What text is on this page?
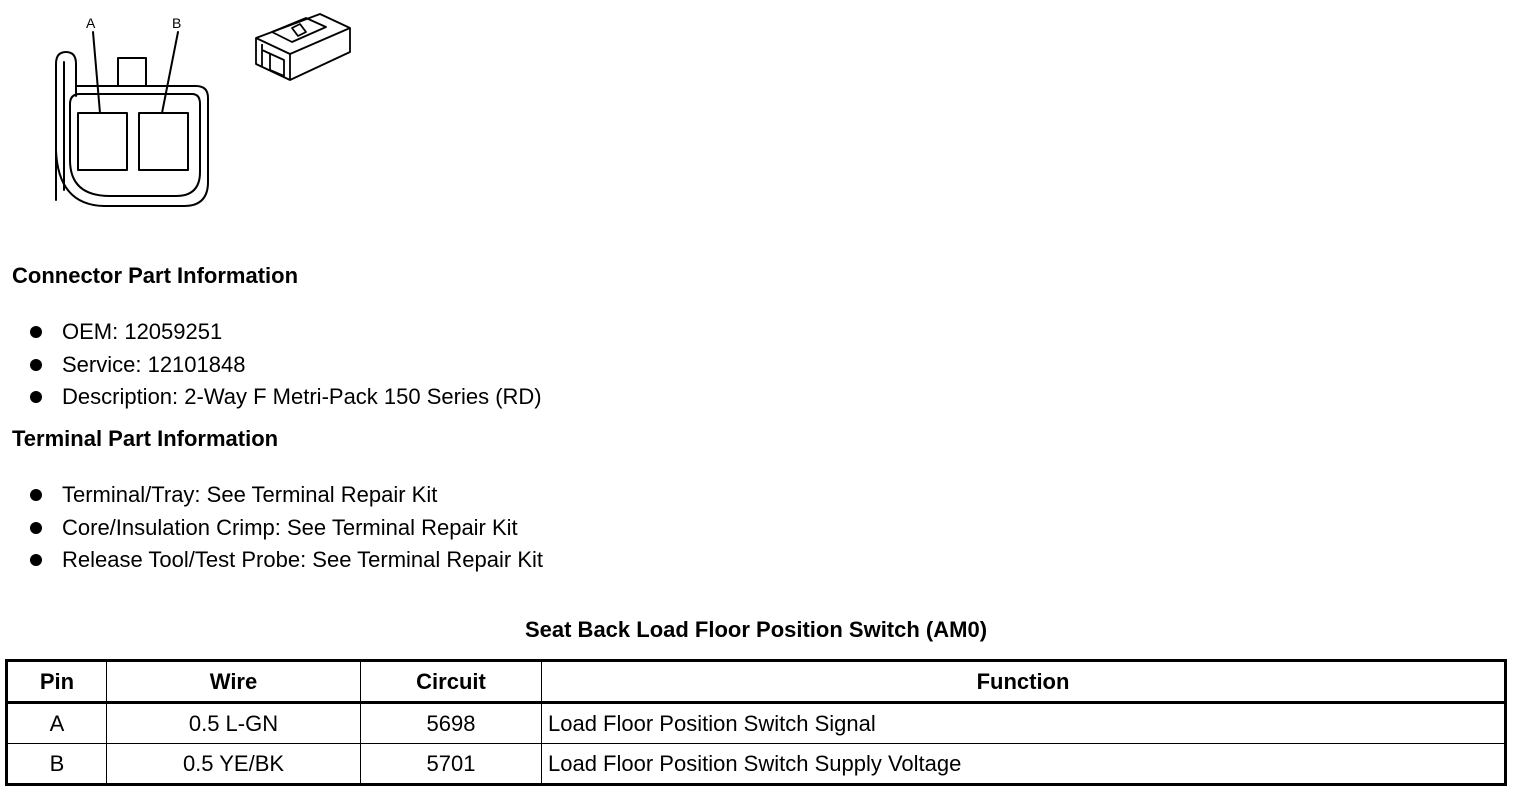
A	B
Connector Part Information
OEM: 12059251
Service: 12101848
Description: 2-Way F Metri-Pack 150 Series (RD)
Terminal Part Information
Terminal/Tray: See Terminal Repair Kit
Core/Insulation Crimp: See Terminal Repair Kit
Release Tool/Test Probe: See Terminal Repair Kit
Seat Back Load Floor Position Switch (AM0)
Pin	Wire	Circuit	Function
A	0.5 L-GN	5698	Load Floor Position Switch Signal
B	0.5 YE/BK	5701	Load Floor Position Switch Supply Voltage
